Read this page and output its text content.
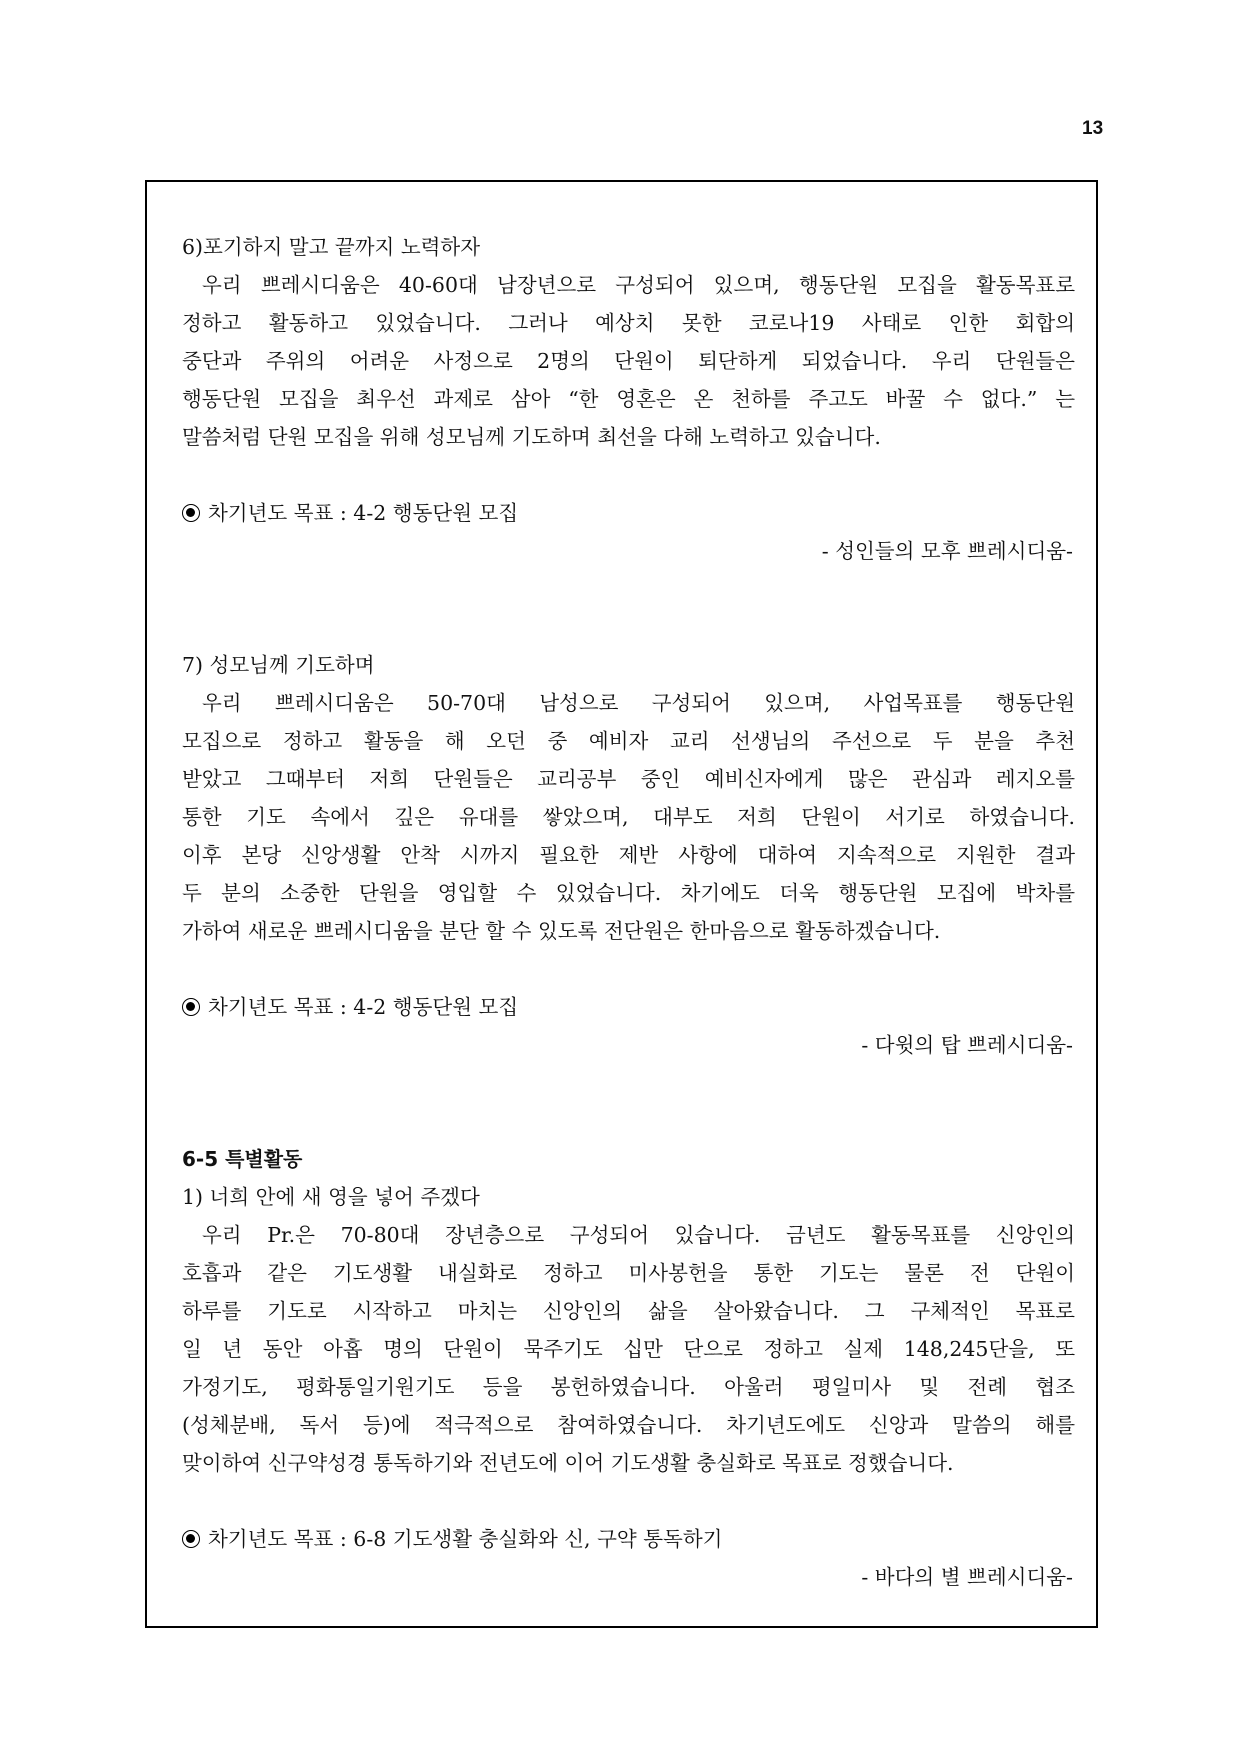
13
6)포기하지 말고 끝까지 노력하자
우리 쁘레시디움은 40-60대 남장년으로 구성되어 있으며, 행동단원 모집을 활동목표로
정하고 활동하고 있었습니다. 그러나 예상치 못한 코로나19 사태로 인한 회합의
중단과 주위의 어려운 사정으로 2명의 단원이 퇴단하게 되었습니다. 우리 단원들은
행동단원 모집을 최우선 과제로 삼아 “한 영혼은 온 천하를 주고도 바꿀 수 없다.” 는
말씀처럼 단원 모집을 위해 성모님께 기도하며 최선을 다해 노력하고 있습니다.
차기년도 목표 : 4-2 행동단원 모집
- 성인들의 모후 쁘레시디움-
7) 성모님께 기도하며
우리 쁘레시디움은 50-70대 남성으로 구성되어 있으며, 사업목표를 행동단원
모집으로 정하고 활동을 해 오던 중 예비자 교리 선생님의 주선으로 두 분을 추천
받았고 그때부터 저희 단원들은 교리공부 중인 예비신자에게 많은 관심과 레지오를
통한 기도 속에서 깊은 유대를 쌓았으며, 대부도 저희 단원이 서기로 하였습니다.
이후 본당 신앙생활 안착 시까지 필요한 제반 사항에 대하여 지속적으로 지원한 결과
두 분의 소중한 단원을 영입할 수 있었습니다. 차기에도 더욱 행동단원 모집에 박차를
가하여 새로운 쁘레시디움을 분단 할 수 있도록 전단원은 한마음으로 활동하겠습니다.
차기년도 목표 : 4-2 행동단원 모집
- 다윗의 탑 쁘레시디움-
6-5 특별활동
1) 너희 안에 새 영을 넣어 주겠다
우리 Pr.은 70-80대 장년층으로 구성되어 있습니다. 금년도 활동목표를 신앙인의
호흡과 같은 기도생활 내실화로 정하고 미사봉헌을 통한 기도는 물론 전 단원이
하루를 기도로 시작하고 마치는 신앙인의 삶을 살아왔습니다. 그 구체적인 목표로
일 년 동안 아홉 명의 단원이 묵주기도 십만 단으로 정하고 실제 148,245단을, 또
가정기도, 평화통일기원기도 등을 봉헌하였습니다. 아울러 평일미사 및 전례 협조
(성체분배, 독서 등)에 적극적으로 참여하였습니다. 차기년도에도 신앙과 말씀의 해를
맞이하여 신구약성경 통독하기와 전년도에 이어 기도생활 충실화로 목표로 정했습니다.
차기년도 목표 : 6-8 기도생활 충실화와 신, 구약 통독하기
- 바다의 별 쁘레시디움-
